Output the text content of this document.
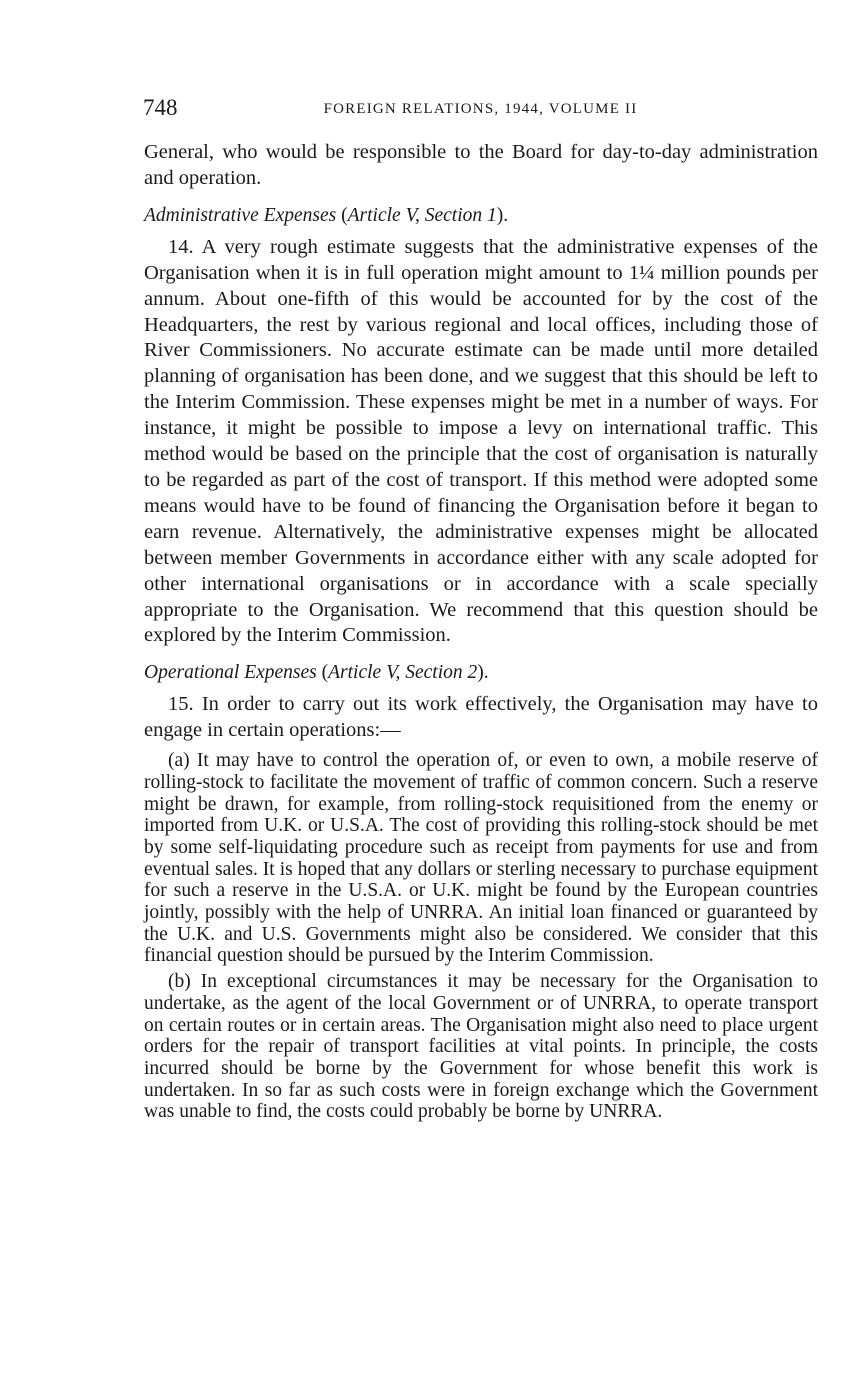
748	FOREIGN RELATIONS, 1944, VOLUME II

General, who would be responsible to the Board for day-to-day administration and operation.

Administrative Expenses (Article V, Section 1).

14. A very rough estimate suggests that the administrative expenses of the Organisation when it is in full operation might amount to 1¼ million pounds per annum. About one-fifth of this would be accounted for by the cost of the Headquarters, the rest by various regional and local offices, including those of River Commissioners. No accurate estimate can be made until more detailed planning of organisation has been done, and we suggest that this should be left to the Interim Commission. These expenses might be met in a number of ways. For instance, it might be possible to impose a levy on international traffic. This method would be based on the principle that the cost of organisation is naturally to be regarded as part of the cost of transport. If this method were adopted some means would have to be found of financing the Organisation before it began to earn revenue. Alternatively, the administrative expenses might be allocated between member Governments in accordance either with any scale adopted for other international organisations or in accordance with a scale specially appropriate to the Organisation. We recommend that this question should be explored by the Interim Commission.

Operational Expenses (Article V, Section 2).

15. In order to carry out its work effectively, the Organisation may have to engage in certain operations:—

(a) It may have to control the operation of, or even to own, a mobile reserve of rolling-stock to facilitate the movement of traffic of common concern. Such a reserve might be drawn, for example, from rolling-stock requisitioned from the enemy or imported from U.K. or U.S.A. The cost of providing this rolling-stock should be met by some self-liquidating procedure such as receipt from payments for use and from eventual sales. It is hoped that any dollars or sterling necessary to purchase equipment for such a reserve in the U.S.A. or U.K. might be found by the European countries jointly, possibly with the help of UNRRA. An initial loan financed or guaranteed by the U.K. and U.S. Governments might also be considered. We consider that this financial question should be pursued by the Interim Commission.

(b) In exceptional circumstances it may be necessary for the Organisation to undertake, as the agent of the local Government or of UNRRA, to operate transport on certain routes or in certain areas. The Organisation might also need to place urgent orders for the repair of transport facilities at vital points. In principle, the costs incurred should be borne by the Government for whose benefit this work is undertaken. In so far as such costs were in foreign exchange which the Government was unable to find, the costs could probably be borne by UNRRA.
